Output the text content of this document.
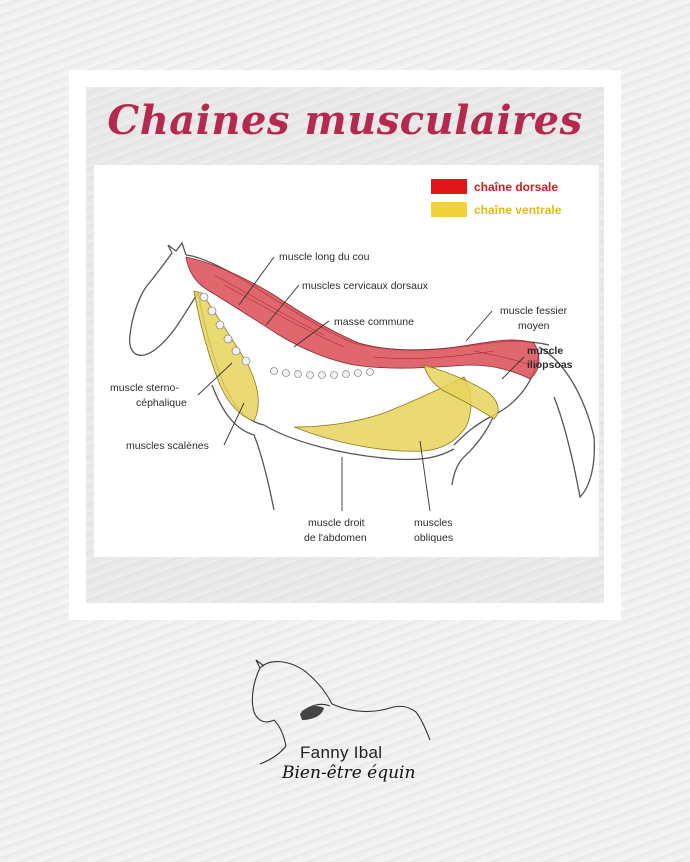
Chaines musculaires
chaîne dorsale
chaîne ventrale
muscle long du cou
muscles cervicaux dorsaux
masse commune
muscle fessier
moyen
muscle
iliopsoas
muscle sterno-
céphalique
muscles scalènes
muscle droit
de l'abdomen
muscles
obliques
Fanny Ibal
Bien-être équin
